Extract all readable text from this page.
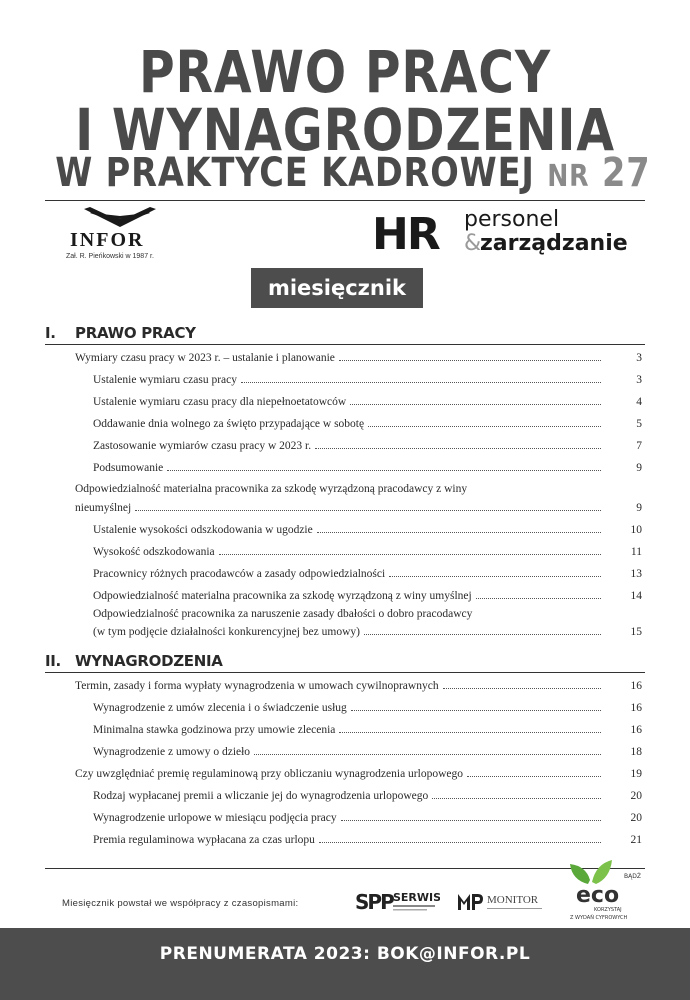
PRAWO PRACY
I WYNAGRODZENIA
W PRAKTYCE KADROWEJ NR 27
INFOR
Zał. R. Pieńkowski w 1987 r.	HR personel
&
zarządzanie
miesięcznik
I. PRAWO PRACY
Wymiary czasu pracy w 2023 r. – ustalanie i planowanie	3
Ustalenie wymiaru czasu pracy	3
Ustalenie wymiaru czasu pracy dla niepełnoetatowców	4
Oddawanie dnia wolnego za święto przypadające w sobotę	5
Zastosowanie wymiarów czasu pracy w 2023 r.	7
Podsumowanie	9
Odpowiedzialność materialna pracownika za szkodę wyrządzoną pracodawcy z winy
nieumyślnej	9
Ustalenie wysokości odszkodowania w ugodzie	10
Wysokość odszkodowania	11
Pracownicy różnych pracodawców a zasady odpowiedzialności	13
Odpowiedzialność materialna pracownika za szkodę wyrządzoną z winy umyślnej	14
Odpowiedzialność pracownika za naruszenie zasady dbałości o dobro pracodawcy
(w tym podjęcie działalności konkurencyjnej bez umowy)	15
II. WYNAGRODZENIA
Termin, zasady i forma wypłaty wynagrodzenia w umowach cywilnoprawnych	16
Wynagrodzenie z umów zlecenia i o świadczenie usług	16
Minimalna stawka godzinowa przy umowie zlecenia	16
Wynagrodzenie z umowy o dzieło	18
Czy uwzględniać premię regulaminową przy obliczaniu wynagrodzenia urlopowego	19
Rodzaj wypłacanej premii a wliczanie jej do wynagrodzenia urlopowego	20
Wynagrodzenie urlopowe w miesiącu podjęcia pracy	20
Premia regulaminowa wypłacana za czas urlopu	21
Miesięcznik powstał we współpracy z czasopismami:	SPP SERWIS	MONITOR
BĄDŹ
eco
KORZYSTAJ
Z WYDAŃ CYFROWYCH
PRENUMERATA 2023: BOK@INFOR.PL
